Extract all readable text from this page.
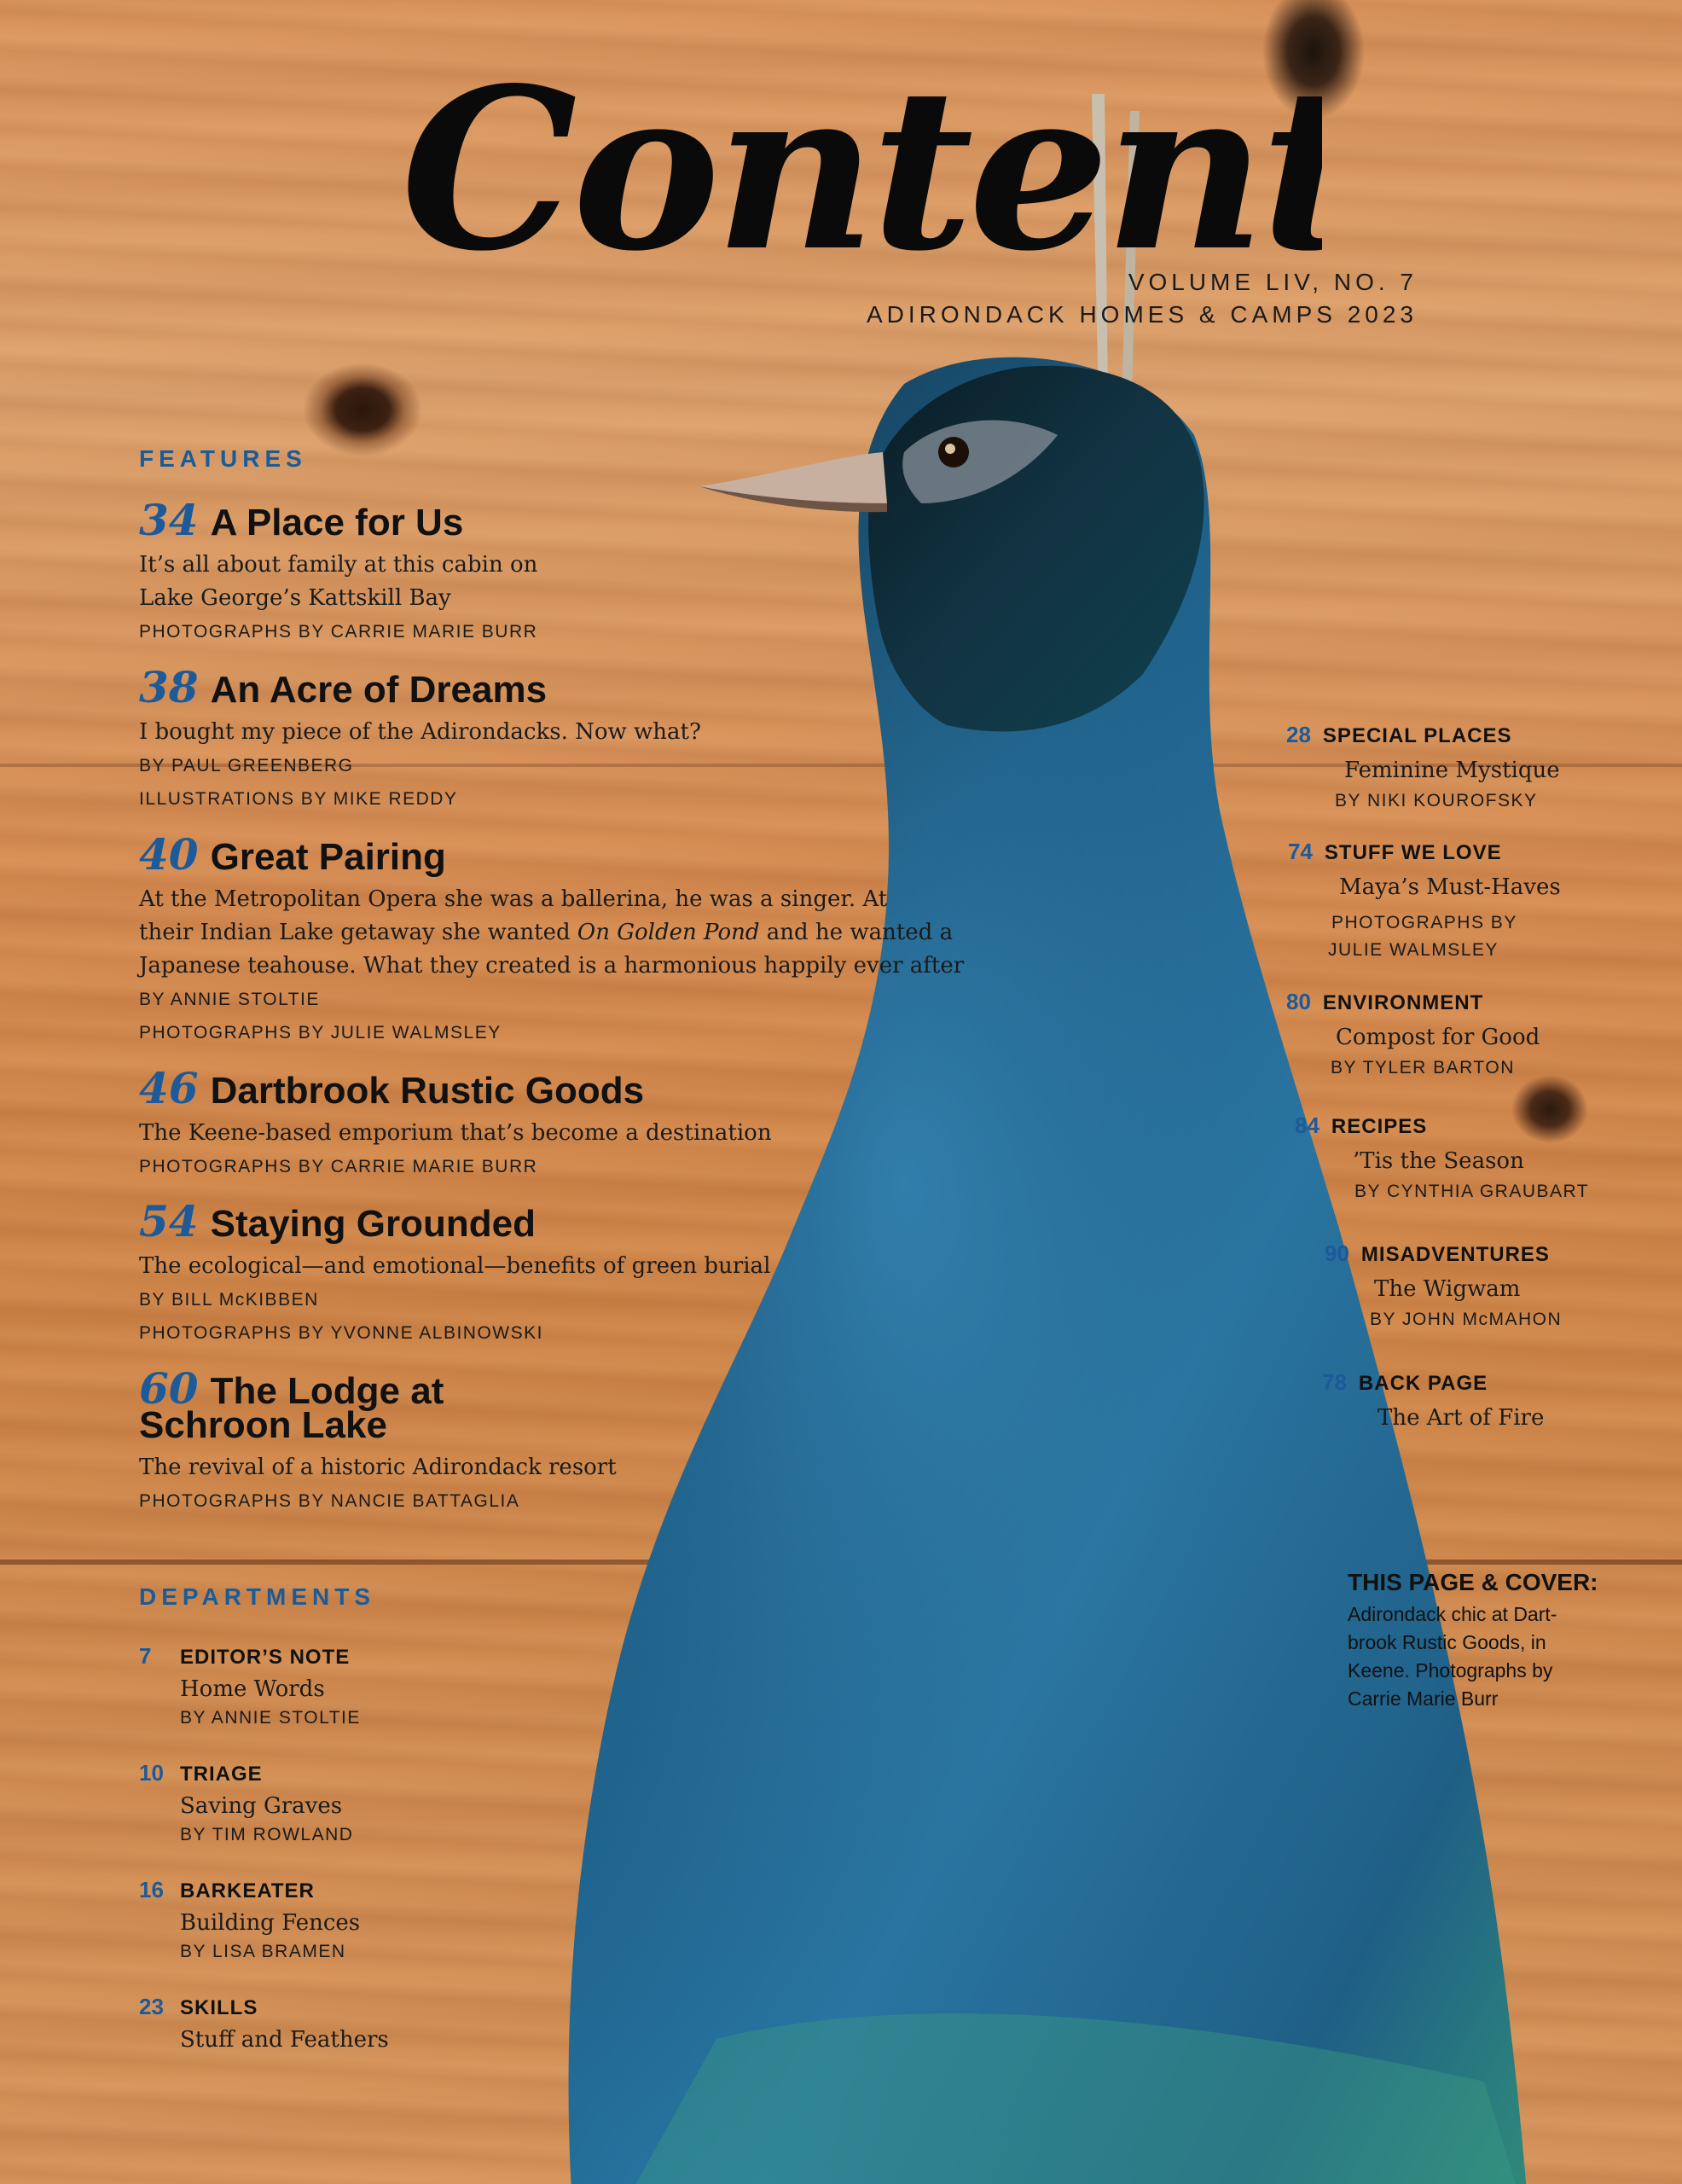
Conten
VOLUME LIV, NO. 7
ADIRONDACK HOMES & CAMPS 2023
FEATURES
34 A Place for Us
It’s all about family at this cabin on
Lake George’s Kattskill Bay
PHOTOGRAPHS BY CARRIE MARIE BURR
38 An Acre of Dreams
I bought my piece of the Adirondacks. Now what?
BY PAUL GREENBERG
ILLUSTRATIONS BY MIKE REDDY
40 Great Pairing
At the Metropolitan Opera she was a ballerina, he was a singer. At
their Indian Lake getaway she wanted On Golden Pond and he wanted a
Japanese teahouse. What they created is a harmonious happily ever after
BY ANNIE STOLTIE
PHOTOGRAPHS BY JULIE WALMSLEY
46 Dartbrook Rustic Goods
The Keene-based emporium that’s become a destination
PHOTOGRAPHS BY CARRIE MARIE BURR
54 Staying Grounded
The ecological—and emotional—benefits of green burial
BY BILL McKIBBEN
PHOTOGRAPHS BY YVONNE ALBINOWSKI
60 The Lodge at
Schroon Lake
The revival of a historic Adirondack resort
PHOTOGRAPHS BY NANCIE BATTAGLIA
DEPARTMENTS
7	EDITOR’S NOTE
Home Words
BY ANNIE STOLTIE
10 TRIAGE
Saving Graves
BY TIM ROWLAND
16 BARKEATER
Building Fences
BY LISA BRAMEN
23 SKILLS
Stuff and Feathers
28 SPECIAL PLACES
Feminine Mystique
BY NIKI KOUROFSKY
74 STUFF WE LOVE
Maya’s Must-Haves
PHOTOGRAPHS BY
JULIE WALMSLEY
80 ENVIRONMENT
Compost for Good
BY TYLER BARTON
84 RECIPES
’Tis the Season
BY CYNTHIA GRAUBART
90 MISADVENTURES
The Wigwam
BY JOHN McMAHON
78 BACK PAGE
The Art of Fire
THIS PAGE & COVER:
Adirondack chic at Dart-
brook Rustic Goods, in
Keene. Photographs by
Carrie Marie Burr
